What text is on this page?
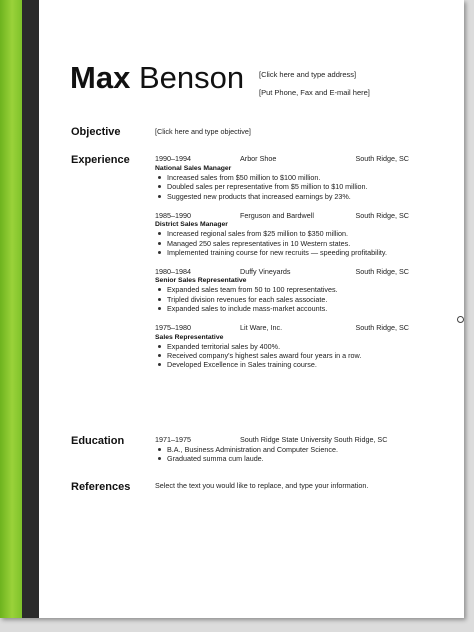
Max Benson [Click here and type address]
[Put Phone, Fax and E-mail here]
Objective	[Click here and type objective]
Experience	1990–1994	Arbor Shoe	South Ridge, SC
National Sales Manager
Increased sales from $50 million to $100 million.
Doubled sales per representative from $5 million to $10 million.
Suggested new products that increased earnings by 23%.
1985–1990	Ferguson and Bardwell	South Ridge, SC
District Sales Manager
Increased regional sales from $25 million to $350 million.
Managed 250 sales representatives in 10 Western states.
Implemented training course for new recruits — speeding profitability.
1980–1984	Duffy Vineyards	South Ridge, SC
Senior Sales Representative
Expanded sales team from 50 to 100 representatives.
Tripled division revenues for each sales associate.
Expanded sales to include mass-market accounts.
1975–1980	Lit Ware, Inc.	South Ridge, SC
Sales Representative
Expanded territorial sales by 400%.
Received company's highest sales award four years in a row.
Developed Excellence in Sales training course.
Education	1971–1975	South Ridge State University South Ridge, SC
B.A., Business Administration and Computer Science.
Graduated summa cum laude.
References	Select the text you would like to replace, and type your information.
